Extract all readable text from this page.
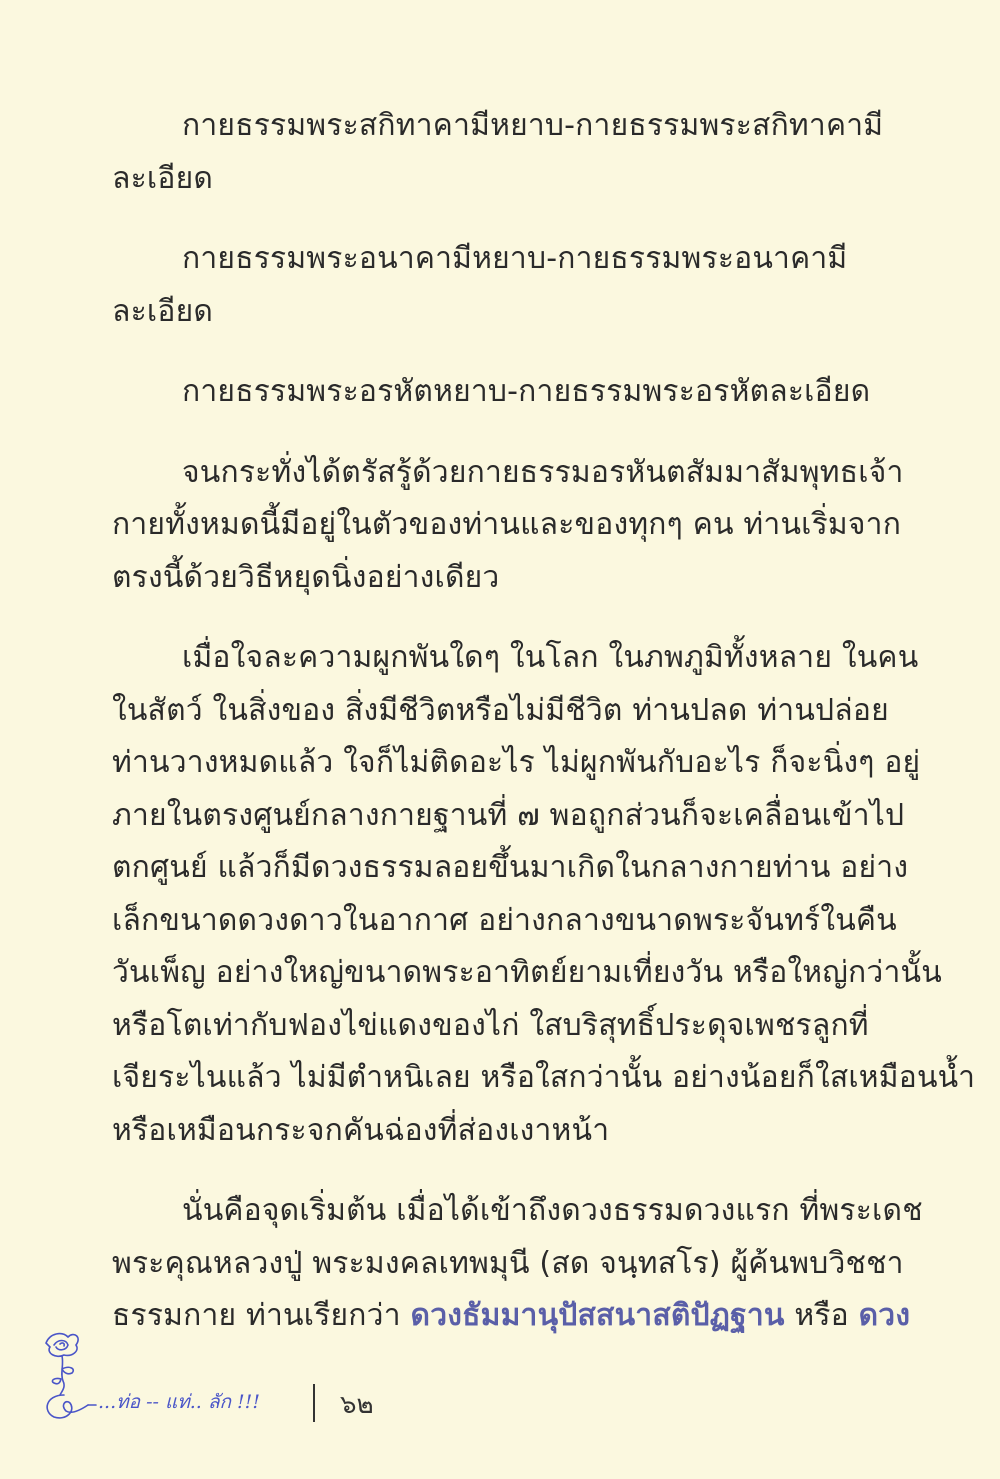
กายธรรมพระสกิทาคามีหยาบ-กายธรรมพระสกิทาคามี
ละเอียด

กายธรรมพระอนาคามีหยาบ-กายธรรมพระอนาคามี
ละเอียด

กายธรรมพระอรหัตหยาบ-กายธรรมพระอรหัตละเอียด

จนกระทั่งได้ตรัสรู้ด้วยกายธรรมอรหันตสัมมาสัมพุทธเจ้า
กายทั้งหมดนี้มีอยู่ในตัวของท่านและของทุกๆ คน ท่านเริ่มจาก
ตรงนี้ด้วยวิธีหยุดนิ่งอย่างเดียว

เมื่อใจละความผูกพันใดๆ ในโลก ในภพภูมิทั้งหลาย ในคน
ในสัตว์ ในสิ่งของ สิ่งมีชีวิตหรือไม่มีชีวิต ท่านปลด ท่านปล่อย
ท่านวางหมดแล้ว ใจก็ไม่ติดอะไร ไม่ผูกพันกับอะไร ก็จะนิ่งๆ อยู่
ภายในตรงศูนย์กลางกายฐานที่ ๗ พอถูกส่วนก็จะเคลื่อนเข้าไป
ตกศูนย์ แล้วก็มีดวงธรรมลอยขึ้นมาเกิดในกลางกายท่าน อย่าง
เล็กขนาดดวงดาวในอากาศ อย่างกลางขนาดพระจันทร์ในคืน
วันเพ็ญ อย่างใหญ่ขนาดพระอาทิตย์ยามเที่ยงวัน หรือใหญ่กว่านั้น
หรือโตเท่ากับฟองไข่แดงของไก่ ใสบริสุทธิ์ประดุจเพชรลูกที่
เจียระไนแล้ว ไม่มีตำหนิเลย หรือใสกว่านั้น อย่างน้อยก็ใสเหมือนน้ำ
หรือเหมือนกระจกคันฉ่องที่ส่องเงาหน้า

นั่นคือจุดเริ่มต้น เมื่อได้เข้าถึงดวงธรรมดวงแรก ที่พระเดช
พระคุณหลวงปู่ พระมงคลเทพมุนี (สด จนฺทสโร) ผู้ค้นพบวิชชา
ธรรมกาย ท่านเรียกว่า ดวงธัมมานุปัสสนาสติปัฏฐาน หรือ ดวง

...ท่อ -- แท่.. ลัก !!!	๖๒
